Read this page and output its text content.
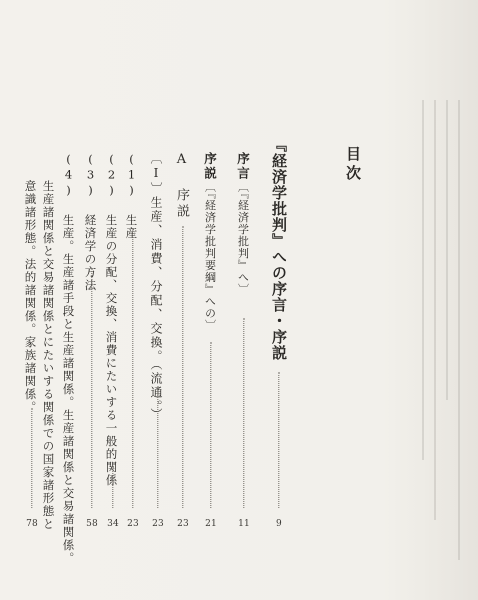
目次
『経済学批判』への序言・序説
9
序言〔『経済学批判』へ〕
11
序説〔『経済学批判要綱』への〕
21
A 序説
23
〔I〕生産、消費、分配、交換。（流通。）
23
(1) 生産
23
(2) 生産の分配、交換、消費にたいする一般的関係
34
(3) 経済学の方法
58
(4) 生産。生産諸手段と生産諸関係。生産諸関係と交易諸関係。
生産諸関係と交易諸関係とにたいする関係での国家諸形態と
意識諸形態。法的諸関係。家族諸関係。
78
